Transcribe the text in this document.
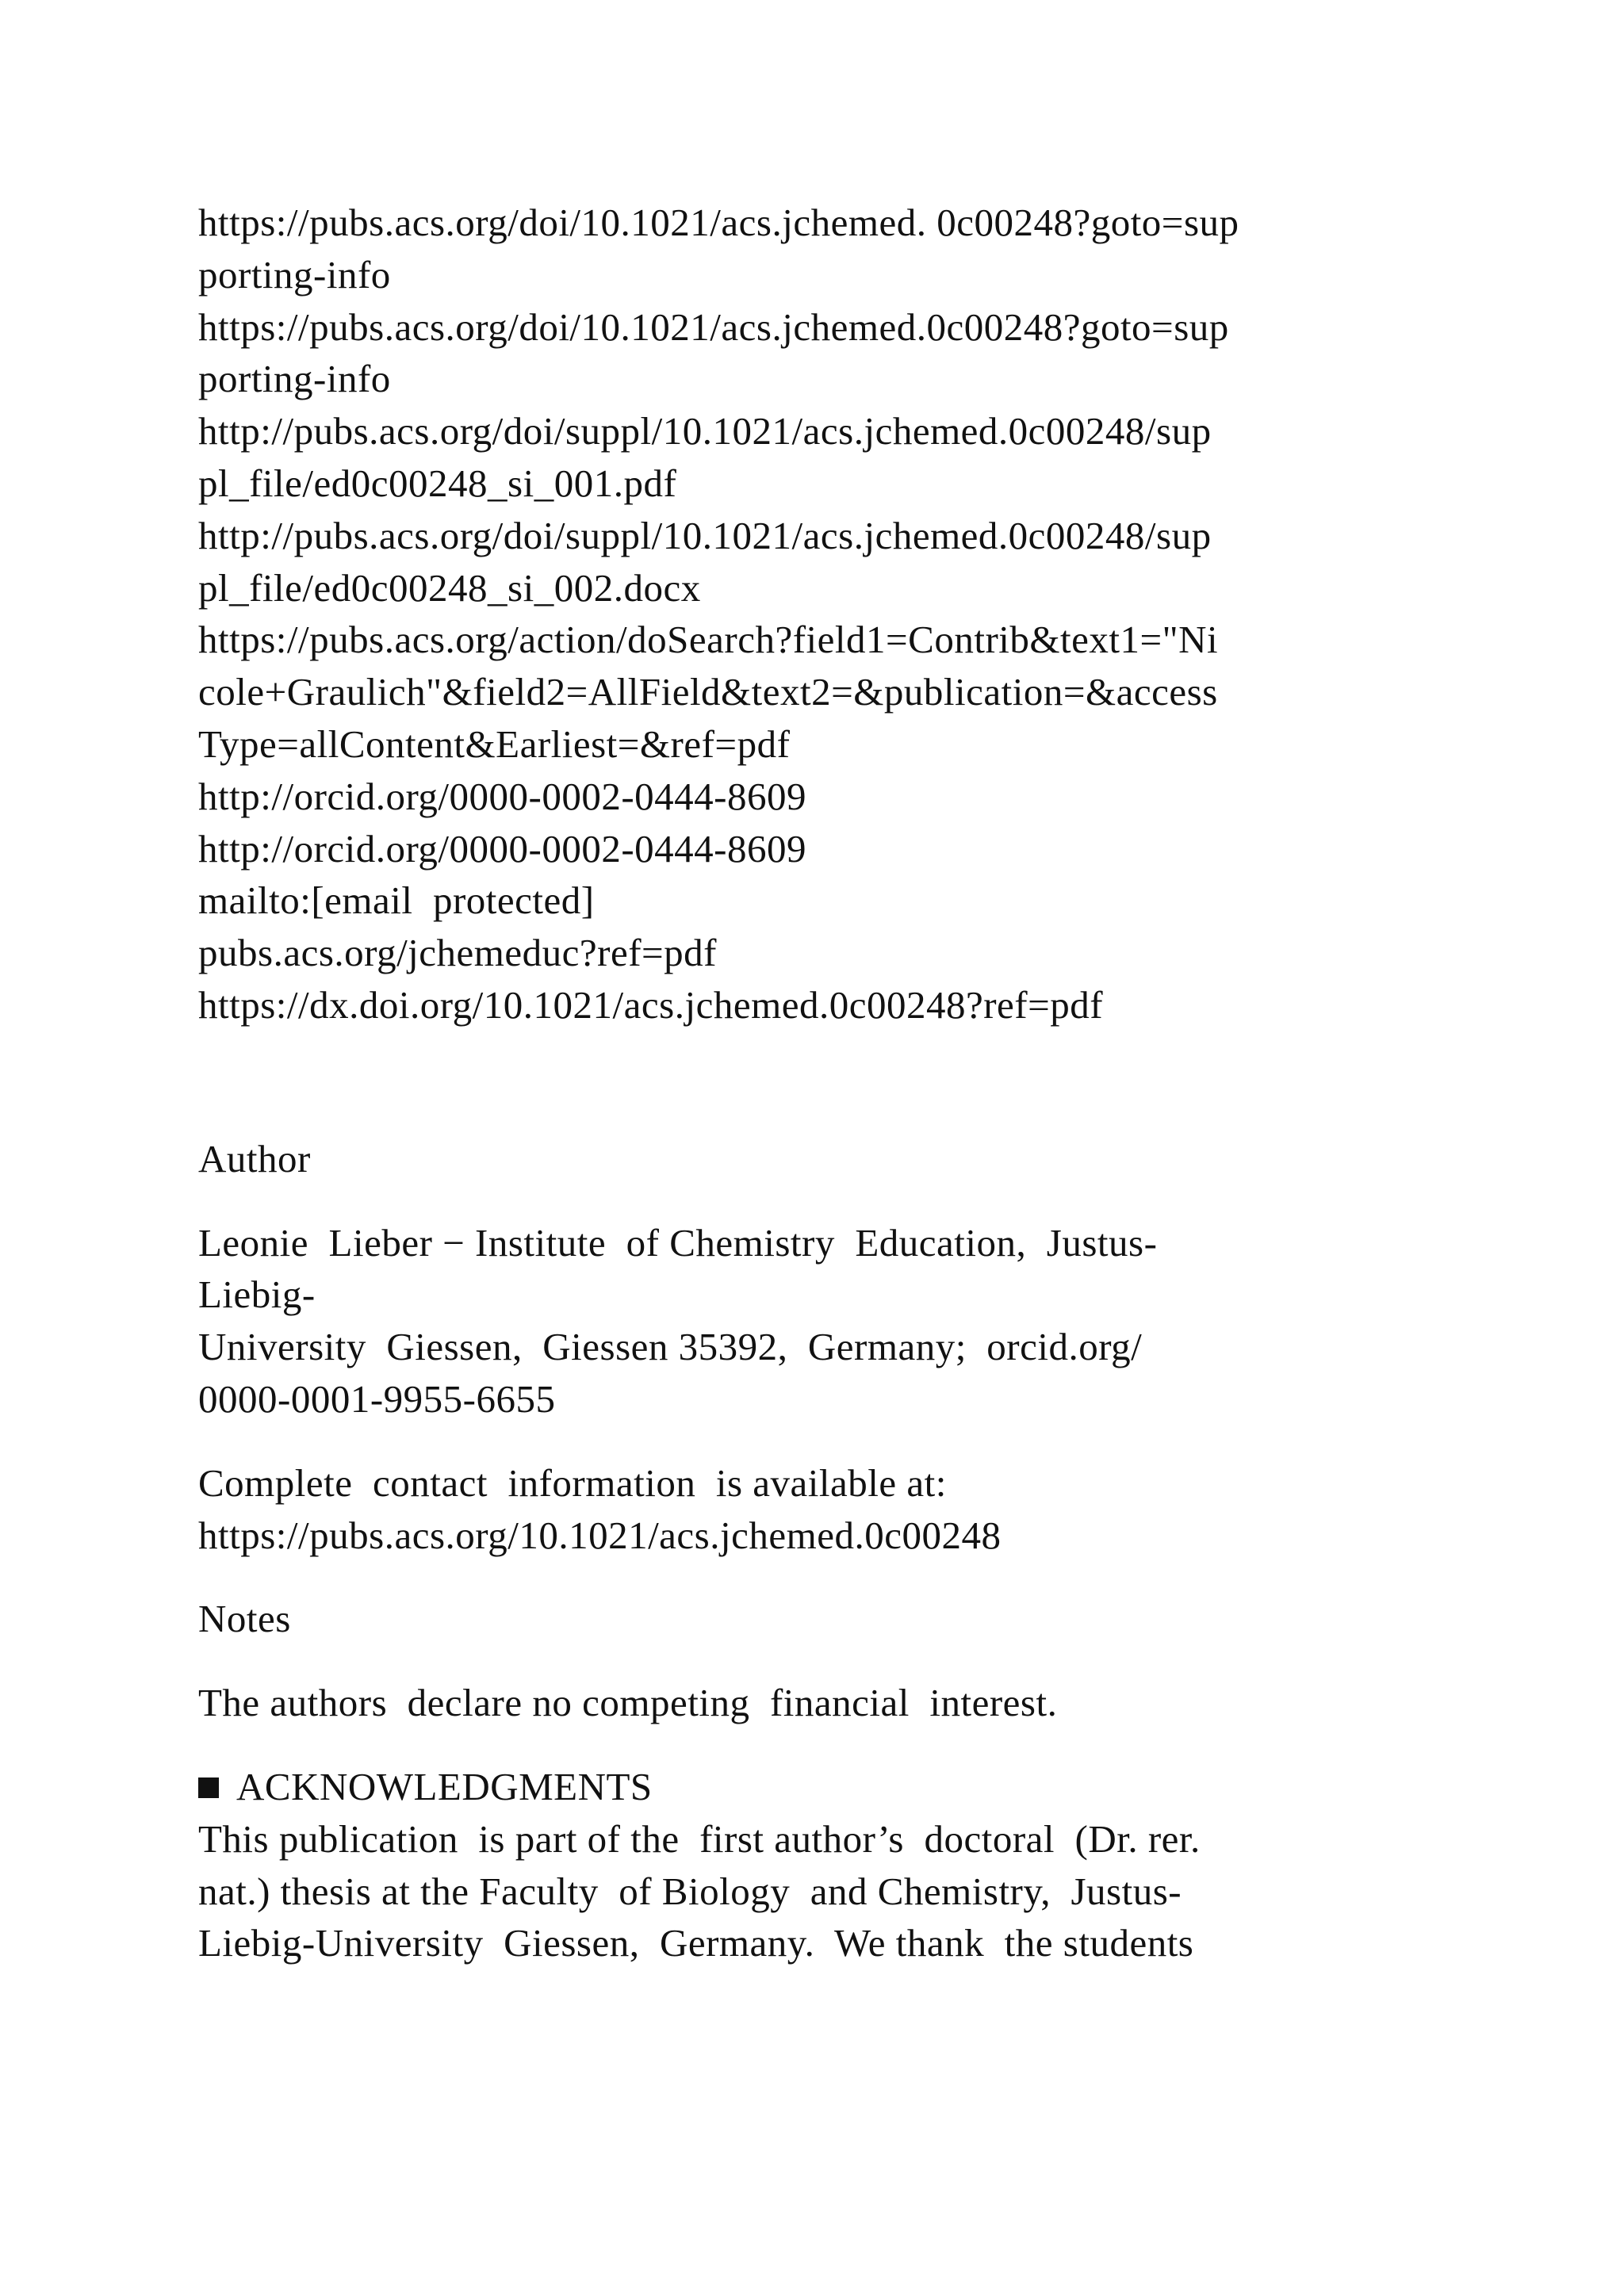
https://pubs.acs.org/doi/10.1021/acs.jchemed. 0c00248?goto=sup
porting-info
https://pubs.acs.org/doi/10.1021/acs.jchemed.0c00248?goto=sup
porting-info
http://pubs.acs.org/doi/suppl/10.1021/acs.jchemed.0c00248/sup
pl_file/ed0c00248_si_001.pdf
http://pubs.acs.org/doi/suppl/10.1021/acs.jchemed.0c00248/sup
pl_file/ed0c00248_si_002.docx
https://pubs.acs.org/action/doSearch?field1=Contrib&text1="Ni
cole+Graulich"&field2=AllField&text2=&publication=&access
Type=allContent&Earliest=&ref=pdf
http://orcid.org/0000-0002-0444-8609
http://orcid.org/0000-0002-0444-8609
mailto:[email  protected]
pubs.acs.org/jchemeduc?ref=pdf
https://dx.doi.org/10.1021/acs.jchemed.0c00248?ref=pdf
Author
Leonie  Lieber − Institute  of Chemistry  Education,  Justus-
Liebig-
University  Giessen,  Giessen 35392,  Germany;  orcid.org/
0000-0001-9955-6655
Complete  contact  information  is available at:
https://pubs.acs.org/10.1021/acs.jchemed.0c00248
Notes
The authors  declare no competing  financial  interest.
ACKNOWLEDGMENTS
This publication  is part of the  first author’s  doctoral  (Dr. rer.
nat.) thesis at the Faculty  of Biology  and Chemistry,  Justus-
Liebig-University  Giessen,  Germany.  We thank  the students
